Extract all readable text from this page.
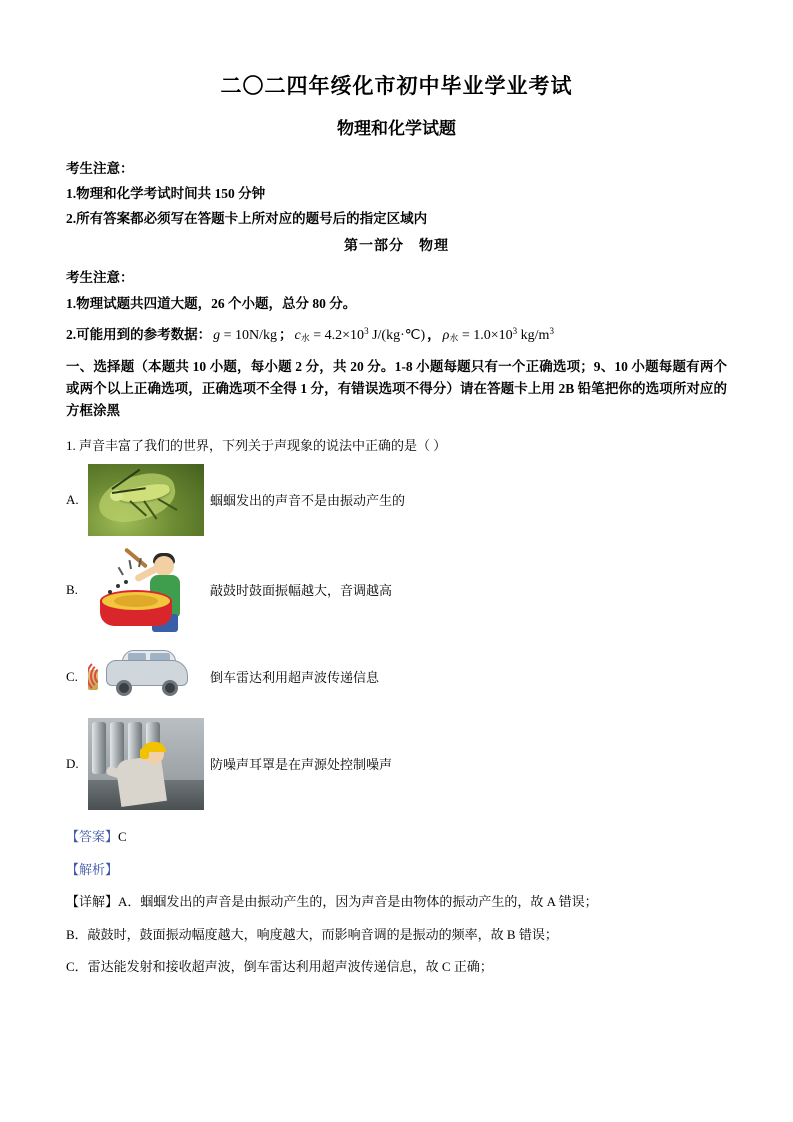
二〇二四年绥化市初中毕业学业考试
物理和化学试题

考生注意：

1.物理和化学考试时间共 150 分钟

2.所有答案都必须写在答题卡上所对应的题号后的指定区域内

第一部分　物理

考生注意：

1.物理试题共四道大题，26 个小题，总分 80 分。

2.可能用到的参考数据： g = 10N/kg ； $c_水 = 4.2\times 10^3$ J/(kg·℃) ， $\rho_水 = 1.0\times 10^3$ $kg/m^3$

一、选择题（本题共 10 小题，每小题 2 分，共 20 分。1-8 小题每题只有一个正确选项；9、10 小题每题有两个或两个以上正确选项，正确选项不全得 1 分，有错误选项不得分）请在答题卡上用 2B 铅笔把你的选项所对应的方框涂黑

1. 声音丰富了我们的世界，下列关于声现象的说法中正确的是（ ）

A.	蝈蝈发出的声音不是由振动产生的
B.	敲鼓时鼓面振幅越大，音调越高
C.	倒车雷达利用超声波传递信息
D.	防噪声耳罩是在声源处控制噪声

【答案】C

【解析】

【详解】A．蝈蝈发出的声音是由振动产生的，因为声音是由物体的振动产生的，故 A 错误；

B．敲鼓时，鼓面振动幅度越大，响度越大，而影响音调的是振动的频率，故 B 错误；

C．雷达能发射和接收超声波，倒车雷达利用超声波传递信息，故 C 正确；
